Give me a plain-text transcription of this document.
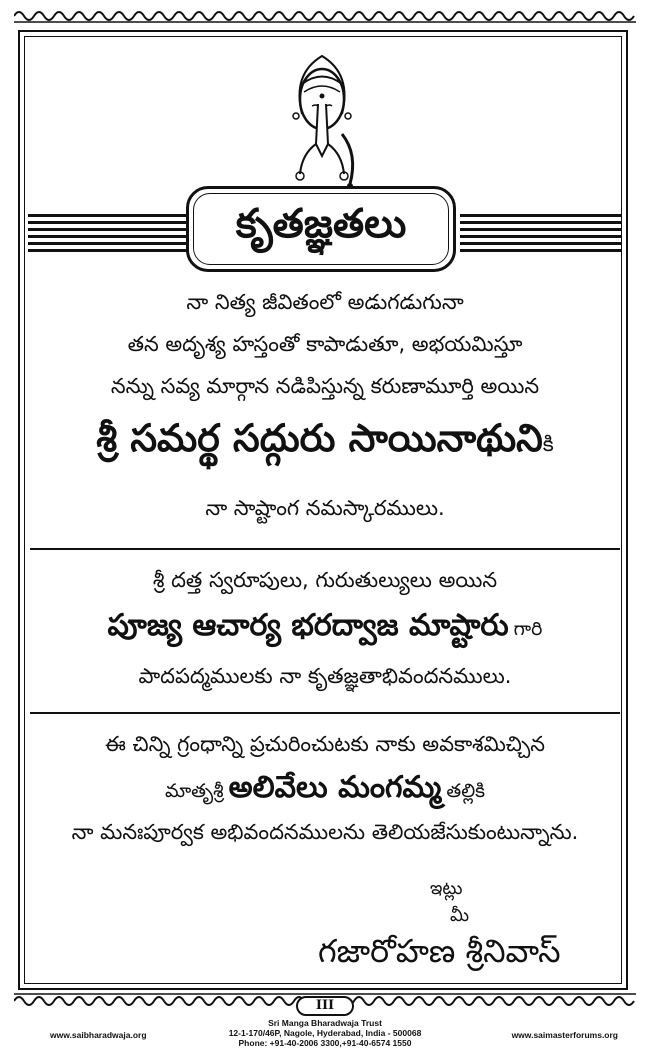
కృతజ్ఞతలు
నా నిత్య జీవితంలో అడుగడుగునా
తన అదృశ్య హస్తంతో కాపాడుతూ, అభయమిస్తూ
నన్ను సవ్య మార్గాన నడిపిస్తున్న కరుణామూర్తి అయిన
శ్రీ సమర్థ సద్గురు సాయినాథునికి
నా సాష్టాంగ నమస్కారములు.
శ్రీ దత్త స్వరూపులు, గురుతుల్యులు అయిన
పూజ్య ఆచార్య భరద్వాజ మాష్టారు గారి
పాదపద్మములకు నా కృతజ్ఞతాభివందనములు.
ఈ చిన్ని గ్రంధాన్ని ప్రచురించుటకు నాకు అవకాశమిచ్చిన
మాతృశ్రీ అలివేలు మంగమ్మ తల్లికి
నా మనఃపూర్వక అభివందనములను తెలియజేసుకుంటున్నాను.
ఇట్లు
మీ
గజారోహణ శ్రీనివాస్
III
www.saibharadwaja.org
Sri Manga Bharadwaja Trust
12-1-170/46P, Nagole, Hyderabad, India - 500068
Phone: +91-40-2006 3300,+91-40-6574 1550
www.saimasterforums.org
